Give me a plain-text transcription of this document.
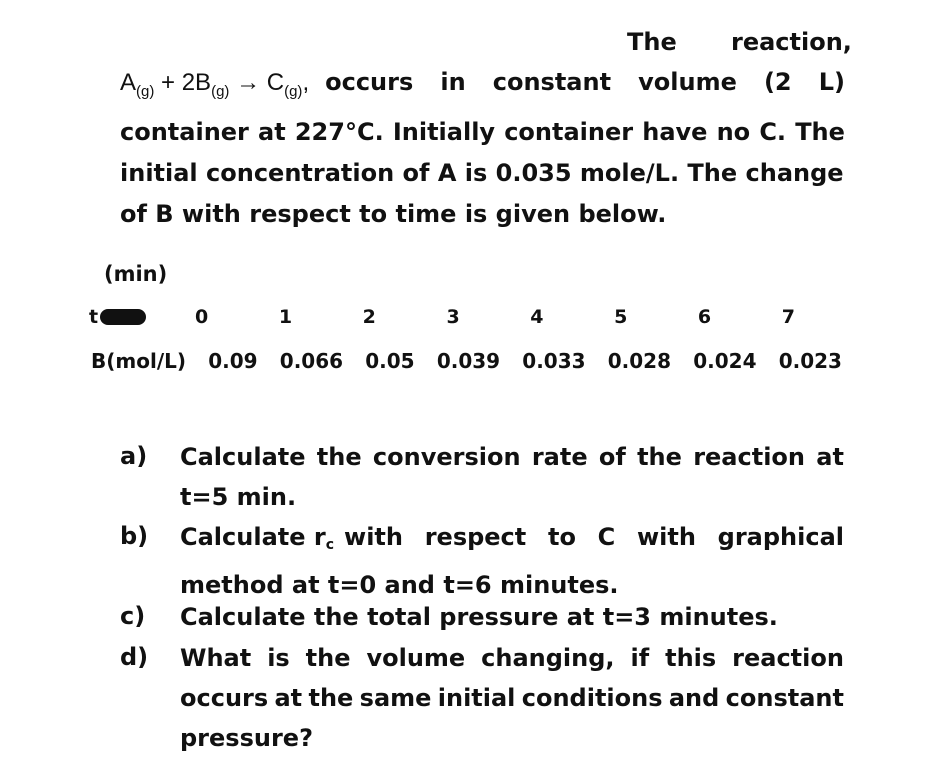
The reaction,
$A_{(g)} + 2B_{(g)} \to C_{(g)}$, occurs in constant volume (2 L)
container at 227°C. Initially container have no C. The
initial concentration of A is 0.035 mole/L. The change
of B with respect to time is given below.
(min)
t	0	1	2	3	4	5	6	7
B(mol/L) 0.09 0.066 0.05 0.039 0.033 0.028 0.024 0.023
a) Calculate the conversion rate of the reaction at
t=5 min.
b) Calculate $r_c$ with respect to C with graphical
method at t=0 and t=6 minutes.
c) Calculate the total pressure at t=3 minutes.
d) What is the volume changing, if this reaction
occurs at the same initial conditions and constant
pressure?
